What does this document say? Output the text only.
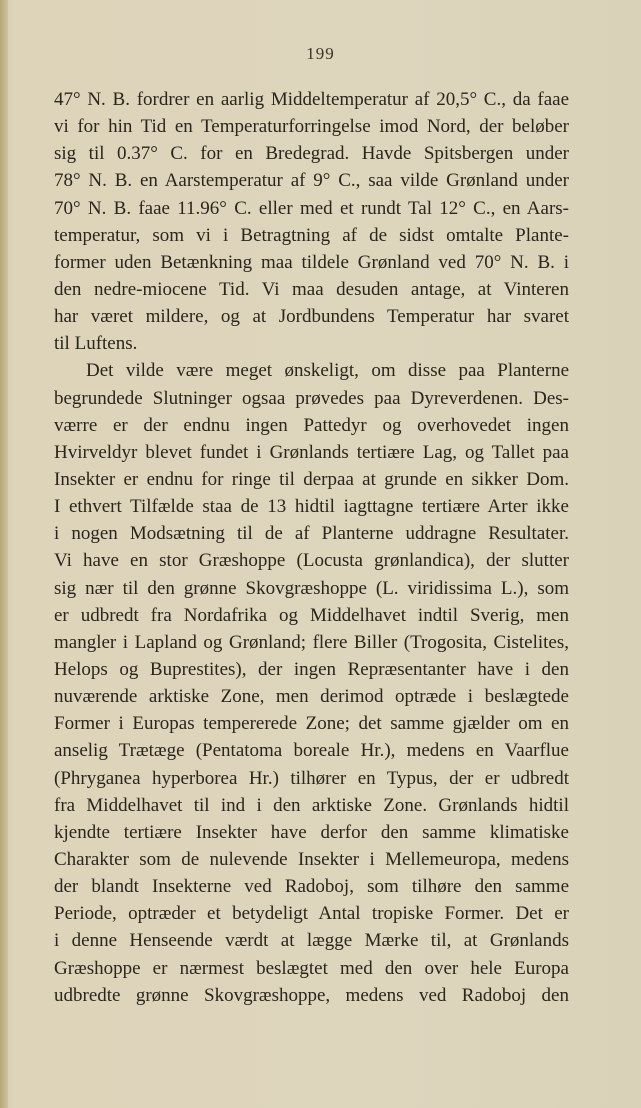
199
47° N. B. fordrer en aarlig Middeltemperatur af 20,5° C., da faae
vi for hin Tid en Temperaturforringelse imod Nord, der beløber
sig til 0.37° C. for en Bredegrad. Havde Spitsbergen under
78° N. B. en Aarstemperatur af 9° C., saa vilde Grønland under
70° N. B. faae 11.96° C. eller med et rundt Tal 12° C., en Aars-
temperatur, som vi i Betragtning af de sidst omtalte Plante-
former uden Betænkning maa tildele Grønland ved 70° N. B. i
den nedre-miocene Tid. Vi maa desuden antage, at Vinteren
har været mildere, og at Jordbundens Temperatur har svaret
til Luftens.
Det vilde være meget ønskeligt, om disse paa Planterne
begrundede Slutninger ogsaa prøvedes paa Dyreverdenen. Des-
værre er der endnu ingen Pattedyr og overhovedet ingen
Hvirveldyr blevet fundet i Grønlands tertiære Lag, og Tallet paa
Insekter er endnu for ringe til derpaa at grunde en sikker Dom.
I ethvert Tilfælde staa de 13 hidtil iagttagne tertiære Arter ikke
i nogen Modsætning til de af Planterne uddragne Resultater.
Vi have en stor Græshoppe (Locusta grønlandica), der slutter
sig nær til den grønne Skovgræshoppe (L. viridissima L.), som
er udbredt fra Nordafrika og Middelhavet indtil Sverig, men
mangler i Lapland og Grønland; flere Biller (Trogosita, Cistelites,
Helops og Buprestites), der ingen Repræsentanter have i den
nuværende arktiske Zone, men derimod optræde i beslægtede
Former i Europas tempererede Zone; det samme gjælder om en
anselig Trætæge (Pentatoma boreale Hr.), medens en Vaarflue
(Phryganea hyperborea Hr.) tilhører en Typus, der er udbredt
fra Middelhavet til ind i den arktiske Zone. Grønlands hidtil
kjendte tertiære Insekter have derfor den samme klimatiske
Charakter som de nulevende Insekter i Mellemeuropa, medens
der blandt Insekterne ved Radoboj, som tilhøre den samme
Periode, optræder et betydeligt Antal tropiske Former. Det er
i denne Henseende værdt at lægge Mærke til, at Grønlands
Græshoppe er nærmest beslægtet med den over hele Europa
udbredte grønne Skovgræshoppe, medens ved Radoboj den
